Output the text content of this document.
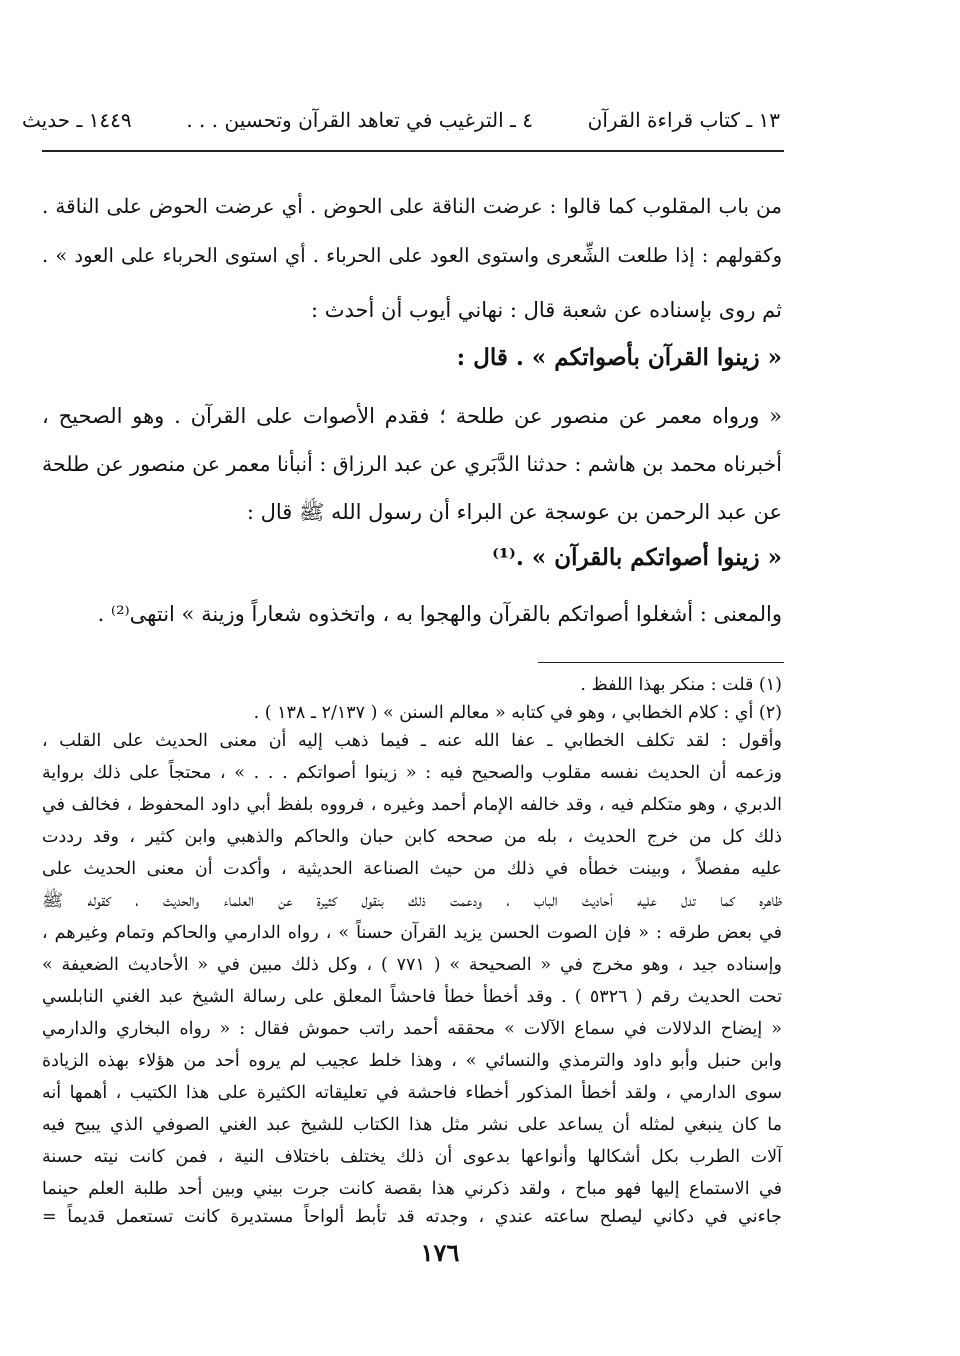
١٣ ـ كتاب قراءة القرآن
٤ ـ الترغيب في تعاهد القرآن وتحسين . . .
١٤٤٩ ـ حديث
من باب المقلوب كما قالوا : عرضت الناقة على الحوض . أي عرضت الحوض على الناقة .
وكقولهم : إذا طلعت الشِّعرى واستوى العود على الحرباء . أي استوى الحرباء على العود » .
ثم روى بإسناده عن شعبة قال : نهاني أيوب أن أحدث :
« زينوا القرآن بأصواتكم » . قال :
« ورواه معمر عن منصور عن طلحة ؛ فقدم الأصوات على القرآن . وهو الصحيح ،
أخبرناه محمد بن هاشم : حدثنا الدَّبَري عن عبد الرزاق : أنبأنا معمر عن منصور عن طلحة
عن عبد الرحمن بن عوسجة عن البراء أن رسول الله ﷺ قال :
« زينوا أصواتكم بالقرآن » .⁽¹⁾
والمعنى : أشغلوا أصواتكم بالقرآن والهجوا به ، واتخذوه شعاراً وزينة » انتهى⁽²⁾ .
(١) قلت : منكر بهذا اللفظ .
(٢) أي : كلام الخطابي ، وهو في كتابه « معالم السنن » ( ٢/١٣٧ ـ ١٣٨ ) .
وأقول : لقد تكلف الخطابي ـ عفا الله عنه ـ فيما ذهب إليه أن معنى الحديث على القلب ،
وزعمه أن الحديث نفسه مقلوب والصحيح فيه : « زينوا أصواتكم . . . » ، محتجاً على ذلك برواية
الدبري ، وهو متكلم فيه ، وقد خالفه الإمام أحمد وغيره ، فرووه بلفظ أبي داود المحفوظ ، فخالف في
ذلك كل من خرج الحديث ، بله من صححه كابن حبان والحاكم والذهبي وابن كثير ، وقد رددت
عليه مفصلاً ، وبينت خطأه في ذلك من حيث الصناعة الحديثية ، وأكدت أن معنى الحديث على
ظاهره كما تدل عليه أحاديث الباب ، ودعمت ذلك بنقول كثيرة عن العلماء والحديث ، كقوله ﷺ
في بعض طرقه : « فإن الصوت الحسن يزيد القرآن حسناً » ، رواه الدارمي والحاكم وتمام وغيرهم ،
وإسناده جيد ، وهو مخرج في « الصحيحة » ( ٧٧١ ) ، وكل ذلك مبين في « الأحاديث الضعيفة »
تحت الحديث رقم ( ٥٣٢٦ ) . وقد أخطأ خطأ فاحشاً المعلق على رسالة الشيخ عبد الغني النابلسي
« إيضاح الدلالات في سماع الآلات » محققه أحمد راتب حموش فقال : « رواه البخاري والدارمي
وابن حنبل وأبو داود والترمذي والنسائي » ، وهذا خلط عجيب لم يروه أحد من هؤلاء بهذه الزيادة
سوى الدارمي ، ولقد أخطأ المذكور أخطاء فاحشة في تعليقاته الكثيرة على هذا الكتيب ، أهمها أنه
ما كان ينبغي لمثله أن يساعد على نشر مثل هذا الكتاب للشيخ عبد الغني الصوفي الذي يبيح فيه
آلات الطرب بكل أشكالها وأنواعها بدعوى أن ذلك يختلف باختلاف النية ، فمن كانت نيته حسنة
في الاستماع إليها فهو مباح ، ولقد ذكرني هذا بقصة كانت جرت بيني وبين أحد طلبة العلم حينما
جاءني في دكاني ليصلح ساعته عندي ، وجدته قد تأبط ألواحاً مستديرة كانت تستعمل قديماً =
١٧٦
